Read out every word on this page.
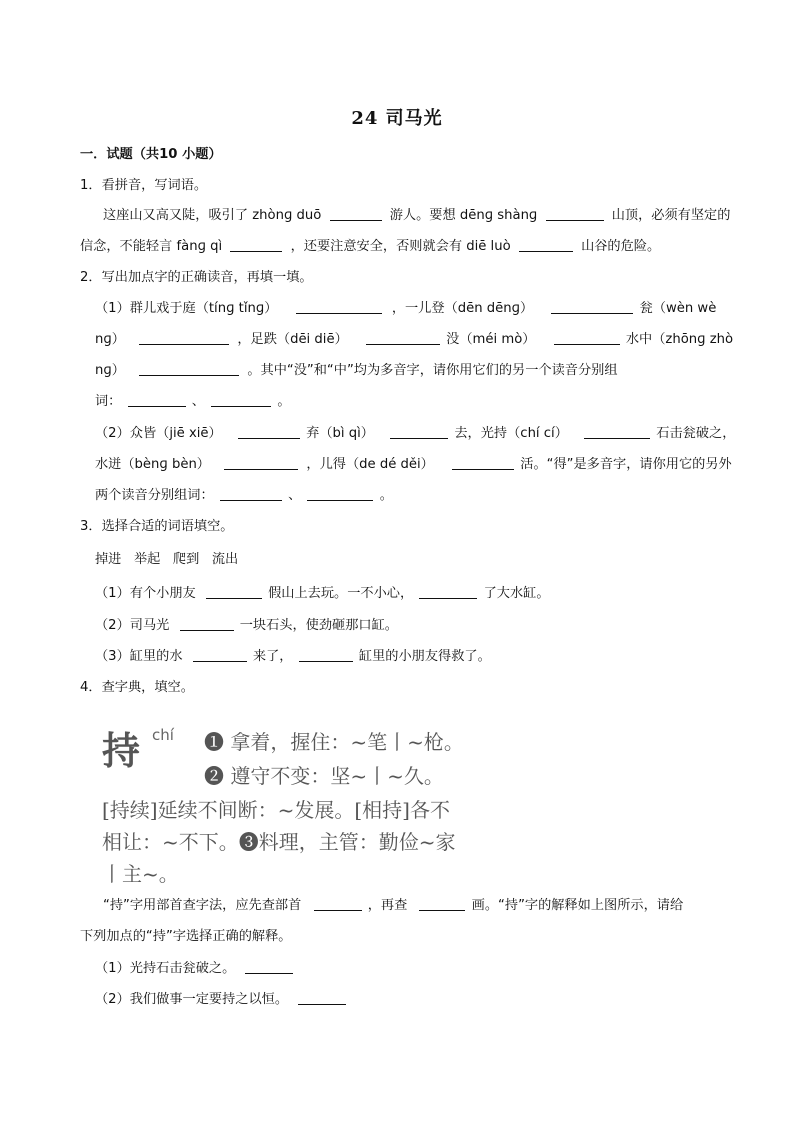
24 司马光
一．试题（共10 小题）
1．看拼音，写词语。
这座山又高又陡，吸引了 zhònɡ duō	游人。要想 dēnɡ shànɡ	山顶，必须有坚定的
信念，不能轻言 fànɡ qì	，还要注意安全，否则就会有 diē luò	山谷的危险。
2．写出加点字的正确读音，再填一填。
（1）群儿戏于庭（tínɡ tǐnɡ）	，一儿登（dēn dēnɡ）	瓮（wèn wè
nɡ）	，足跌（dēi diē）	没（méi mò）	水中（zhōnɡ zhò
nɡ）	。其中“没”和“中”均为多音字，请你用它们的另一个读音分别组
词：	、	。
（2）众皆（jiē xiē）	弃（bì qì）	去，光持（chí cí）	石击瓮破之，
水迸（bènɡ bèn）	，儿得（de dé děi）	活。“得”是多音字，请你用它的另外
两个读音分别组词：	、	。
3．选择合适的词语填空。
掉进   举起   爬到   流出
（1）有个小朋友	假山上去玩。一不小心，	了大水缸。
（2）司马光	一块石头，使劲砸那口缸。
（3）缸里的水	来了，	缸里的小朋友得救了。
4．查字典，填空。
持 chí ❶ 拿着，握住：~笔丨~枪。
❷ 遵守不变：坚~丨~久。
[持续]延续不间断：~发展。[相持]各不
相让：~不下。❸料理，主管：勤俭~家
丨主~。
“持”字用部首查字法，应先查部首	，再查	画。“持”字的解释如上图所示，请给
下列加点的“持”字选择正确的解释。
（1）光持石击瓮破之。
（2）我们做事一定要持之以恒。
